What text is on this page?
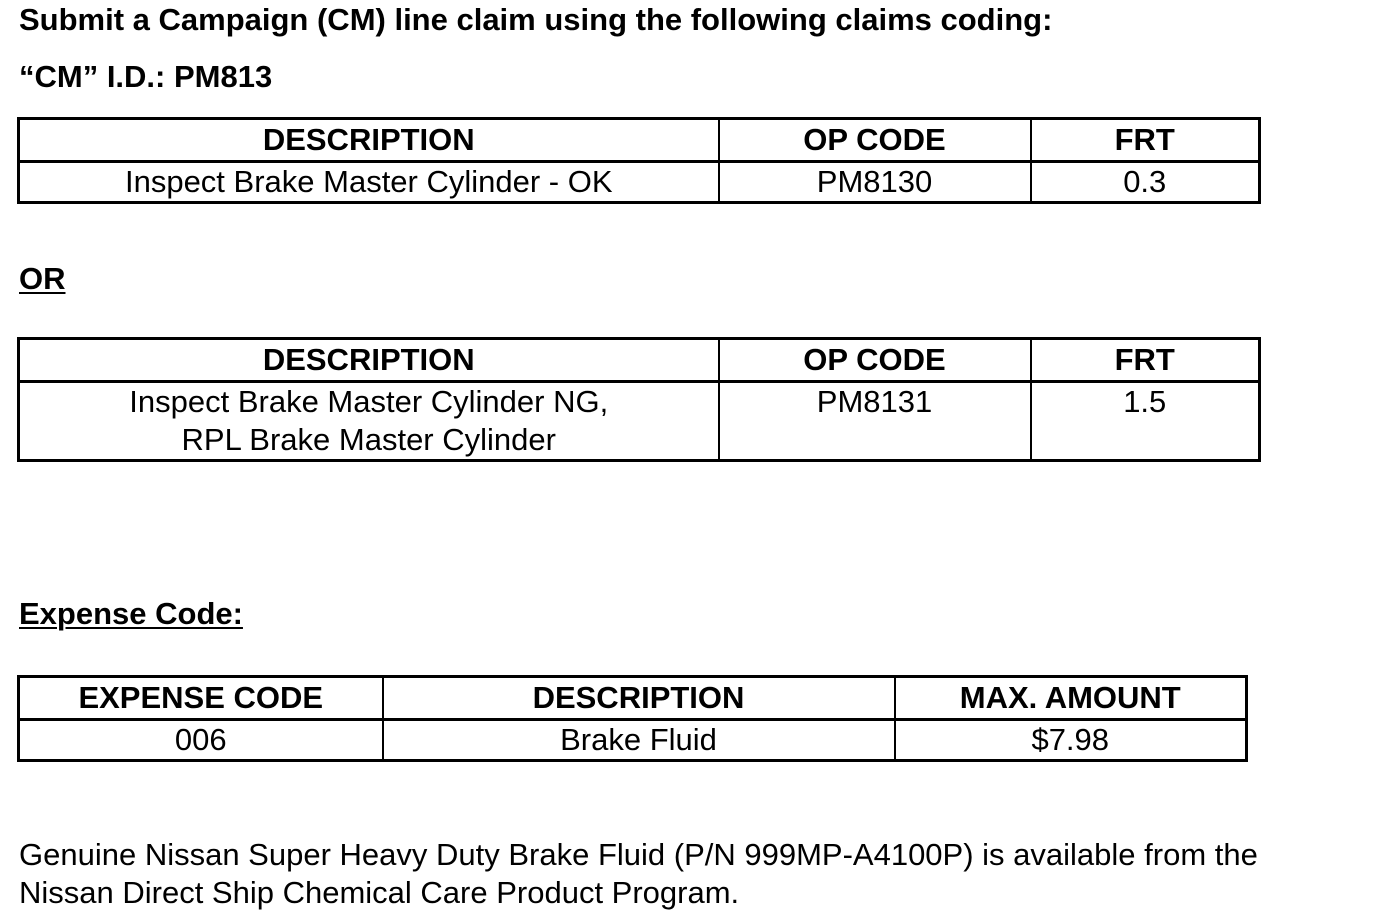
Submit a Campaign (CM) line claim using the following claims coding:
“CM” I.D.: PM813
DESCRIPTION	OP CODE	FRT
Inspect Brake Master Cylinder - OK	PM8130	0.3
OR
DESCRIPTION	OP CODE	FRT

Inspect Brake Master Cylinder NG,
RPL Brake Master Cylinder	PM8131	1.5
Expense Code:
EXPENSE CODE	DESCRIPTION	MAX. AMOUNT
006	Brake Fluid	$7.98
Genuine Nissan Super Heavy Duty Brake Fluid (P/N 999MP-A4100P) is available from the
Nissan Direct Ship Chemical Care Product Program.
